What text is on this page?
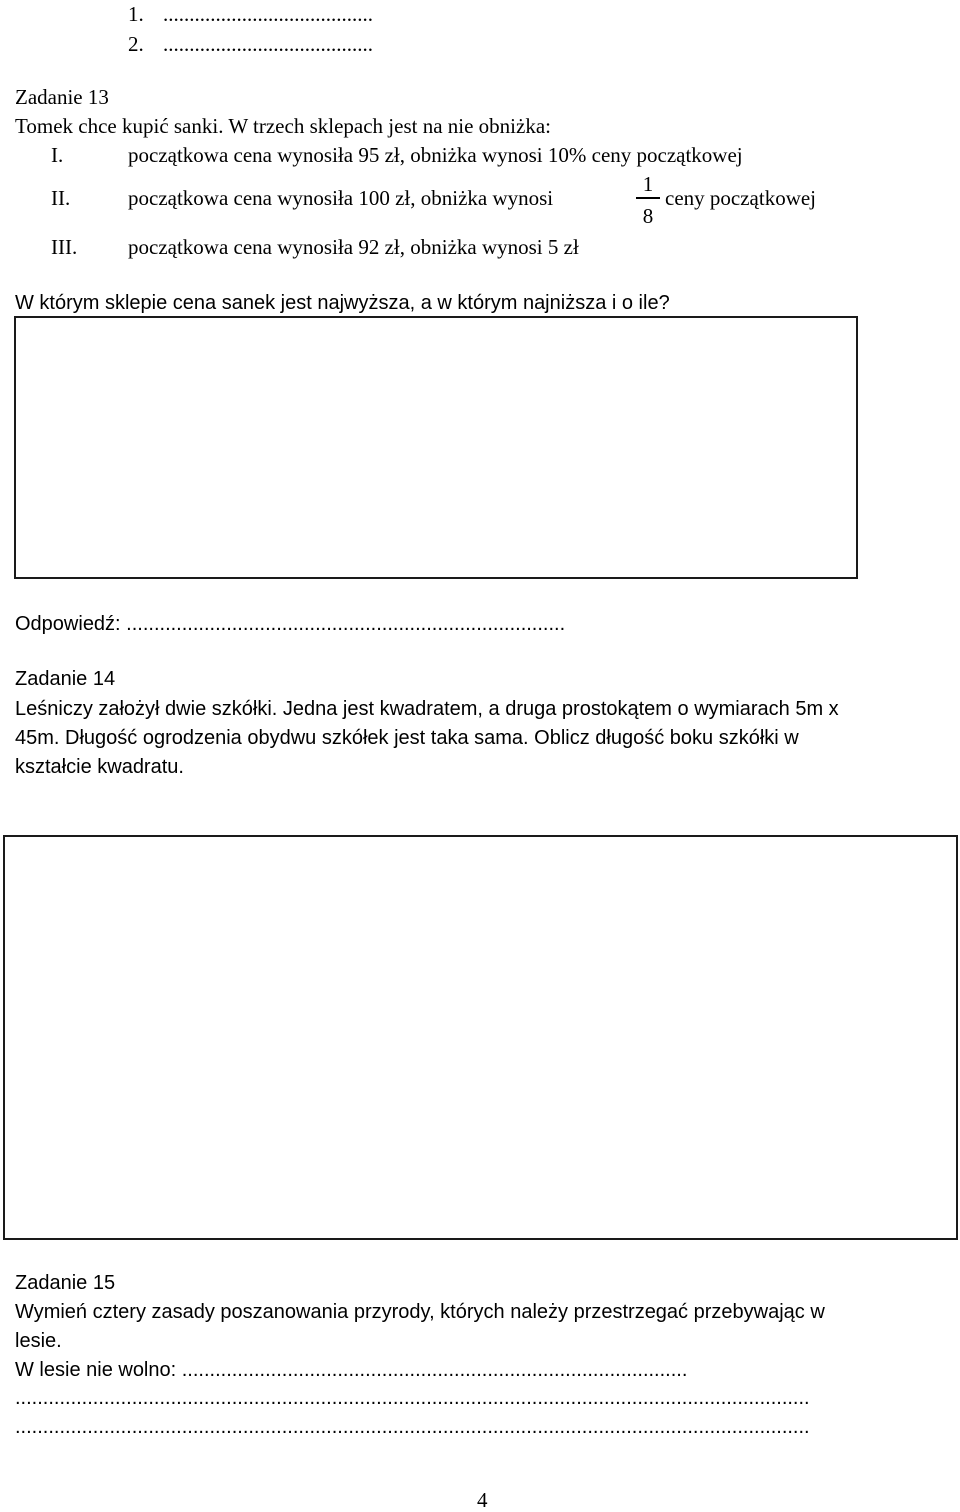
1. ........................................
2. ........................................
Zadanie 13
Tomek chce kupić sanki. W trzech sklepach jest na nie obniżka:
I.	początkowa cena wynosiła 95 zł, obniżka wynosi 10% ceny początkowej
II.	początkowa cena wynosiła 100 zł, obniżka wynosi
1
8
ceny początkowej
III. początkowa cena wynosiła 92 zł, obniżka wynosi 5 zł
W którym sklepie cena sanek jest najwyższa, a w którym najniższa i o ile?
Odpowiedź: ...............................................................................
Zadanie 14
Leśniczy założył dwie szkółki. Jedna jest kwadratem, a druga prostokątem o wymiarach 5m x
45m. Długość ogrodzenia obydwu szkółek jest taka sama. Oblicz długość boku szkółki w
kształcie kwadratu.
Zadanie 15
Wymień cztery zasady poszanowania przyrody, których należy przestrzegać przebywając w
lesie.
W lesie nie wolno: ...........................................................................................
...............................................................................................................................................
...............................................................................................................................................
4
